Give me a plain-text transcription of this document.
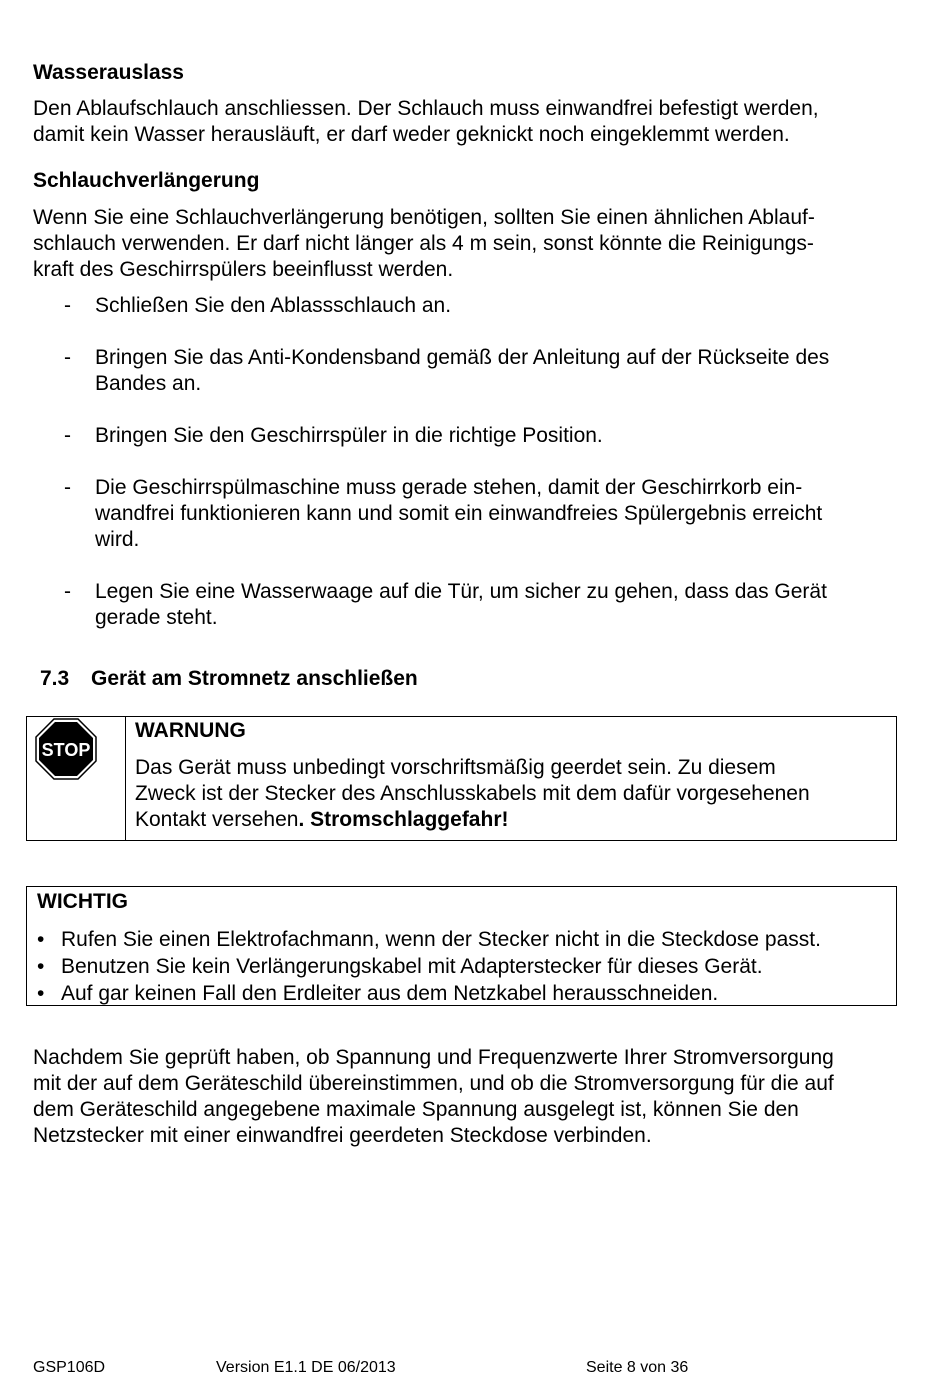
Wasserauslass
Den Ablaufschlauch anschliessen. Der Schlauch muss einwandfrei befestigt werden,
damit kein Wasser herausläuft, er darf weder geknickt noch eingeklemmt werden.
Schlauchverlängerung
Wenn Sie eine Schlauchverlängerung benötigen, sollten Sie einen ähnlichen Ablauf-
schlauch verwenden. Er darf nicht länger als 4 m sein, sonst könnte die Reinigungs-
kraft des Geschirrspülers beeinflusst werden.
- Schließen Sie den Ablassschlauch an.
- Bringen Sie das Anti-Kondensband gemäß der Anleitung auf der Rückseite des
Bandes an.
- Bringen Sie den Geschirrspüler in die richtige Position.
- Die Geschirrspülmaschine muss gerade stehen, damit der Geschirrkorb ein-
wandfrei funktionieren kann und somit ein einwandfreies Spülergebnis erreicht
wird.
- Legen Sie eine Wasserwaage auf die Tür, um sicher zu gehen, dass das Gerät
gerade steht.
7.3 Gerät am Stromnetz anschließen
STOP
WARNUNG
Das Gerät muss unbedingt vorschriftsmäßig geerdet sein. Zu diesem
Zweck ist der Stecker des Anschlusskabels mit dem dafür vorgesehenen
Kontakt versehen. Stromschlaggefahr!
WICHTIG
• Rufen Sie einen Elektrofachmann, wenn der Stecker nicht in die Steckdose passt.
• Benutzen Sie kein Verlängerungskabel mit Adapterstecker für dieses Gerät.
• Auf gar keinen Fall den Erdleiter aus dem Netzkabel herausschneiden.
Nachdem Sie geprüft haben, ob Spannung und Frequenzwerte Ihrer Stromversorgung
mit der auf dem Geräteschild übereinstimmen, und ob die Stromversorgung für die auf
dem Geräteschild angegebene maximale Spannung ausgelegt ist, können Sie den
Netzstecker mit einer einwandfrei geerdeten Steckdose verbinden.
GSP106D	Version E1.1 DE 06/2013	Seite 8 von 36
